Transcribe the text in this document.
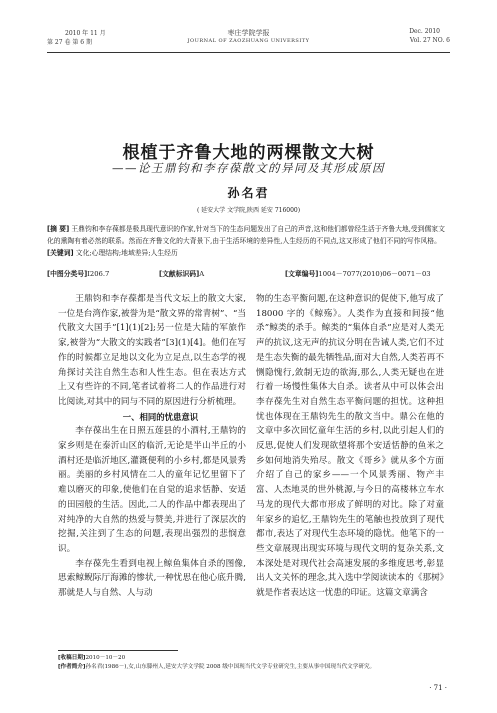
2010 年 11 月
第 27 卷 第 6 期
枣庄学院学报
JOURNAL OF ZAOZHUANG UNIVERSITY
Dec. 2010
Vol. 27 NO. 6
根植于齐鲁大地的两棵散文大树
——论王鼎钧和李存葆散文的异同及其形成原因
孙名君
( 延安大学 文学院,陕西 延安 716000)
[摘 要] 王鼎钧和李存葆都是极具现代意识的作家,针对当下的生态问题发出了自己的声音,这和他们都曾经生活于齐鲁大地,受到儒家文化的熏陶有着必然的联系。然而在齐鲁文化的大背景下,由于生活环境的差异性,人生经历的不同点,这又形成了他们不同的写作风格。
[关键词] 文化;心理结构;地域差异;人生经历
[中图分类号]I206.7	[文献标识码]A	[文章编号]1004－7077(2010)06－0071－03

王鼎钧和李存葆都是当代文坛上的散文大家,一位是台湾作家,被誉为是“散文界的常青树”、“当代散文大国手”[1](1)[2];另一位是大陆的军旅作家,被誉为“大散文的实践者”[3](1)[4]。他们在写作的时候都立足地以文化为立足点,以生态学的视角探讨关注自然生态和人性生态。但在表达方式上又有些许的不同,笔者试着将二人的作品进行对比阅读,对其中的同与不同的原因进行分析梳理。

一、相同的忧患意识

李存葆出生在日照五莲县的小酒村,王鼎钧的家乡则是在泰沂山区的临沂,无论是半山半丘的小酒村还是临沂地区,灌溉便利的小乡村,都是风景秀丽。美丽的乡村风情在二人的童年记忆里留下了难以磨灭的印象,使他们在自觉的追求恬静、安适的田园般的生活。因此,二人的作品中都表现出了对纯净的大自然的热爱与赞美,并进行了深层次的挖掘,关注到了生态的问题,表现出强烈的悲悯意识。

李存葆先生看到电视上鲸鱼集体自杀的图像,思索鲸鲵际厅海滩的惨状,一种忧思在他心底升腾,那就是人与自然、人与动

物的生态平衡问题,在这种意识的促使下,他写成了 18000 字的《鲸殇》。人类作为直接和间接“他杀”鲸类的杀手。鲸类的“集体自杀”应是对人类无声的抗议,这无声的抗议分明在告诫人类,它们不过是生态失衡的最先牺牲品,面对大自然,人类若再不恻隐愧行,敛制无边的欲海,那么,人类无疑也在进行着一场慢性集体大自杀。读者从中可以体会出李存葆先生对自然生态平衡问题的担忧。这种担忧也体现在王鼎钧先生的散文当中。鼎公在他的文章中多次回忆童年生活的乡村,以此引起人们的反思,促使人们发现欲望将那个安适恬静的鱼米之乡如何地消失殆尽。散文《哥乡》就从多个方面介绍了自己的家乡——一个风景秀丽、物产丰富、人杰地灵的世外桃源,与今日的高楼林立车水马龙的现代大都市形成了鲜明的对比。除了对童年家乡的追忆,王鼎钧先生的笔触也投放到了现代都市,表达了对现代生态环境的隐忧。他笔下的一些文章展现出现实环境与现代文明的复杂关系,文本深处是对现代社会高速发展的多维度思考,彰显出人文关怀的理念,其入选中学阅读读本的《那树》就是作者表达这一忧患的印证。这篇文章满含

[收稿日期]2010－10－20
[作者简介]孙名君(1986－),女,山东滕州人,延安大学文学院 2008 级中国现当代文学专业研究生,主要从事中国现当代文学研究。
· 71 ·
